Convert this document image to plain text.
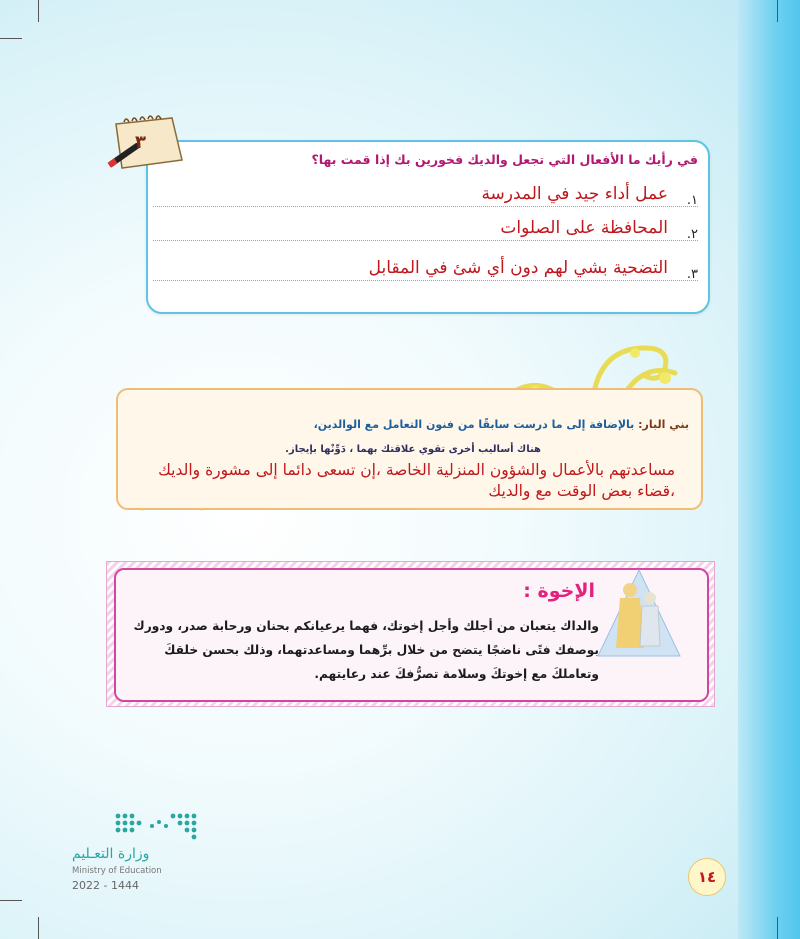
في رأيك ما الأفعال التي تجعل والديك فخورين بك إذا قمت بها؟
١.
عمل أداء جيد في المدرسة
٢.
المحافظة على الصلوات
٣.
التضحية بشي لهم دون أي شئ في المقابل
٣
بني البار: بالإضافة إلى ما درست سابقًا من فنون التعامل مع الوالدين،
هناك أساليب أخرى تقوي علاقتك بهما ، دَوِّنْها بإيجاز.
مساعدتهم بالأعمال والشؤون المنزلية الخاصة ،إن تسعى دائما إلى مشورة والديك ،قضاء بعض الوقت مع والديك
الإخوة :
والداك يتعبان من أجلك وأجل إخوتك، فهما يرعيانكم بحنان ورحابة صدر، ودورك بوصفك فتًى ناضجًا يتضح من خلال برِّهما ومساعدتهما، وذلك بحسن خلقكَ وتعاملكَ مع إخوتكَ وسلامة تصرُّفكَ عند رعايتهم.
وزارة التعـليم
Ministry of Education
2022 - 1444	١٤
